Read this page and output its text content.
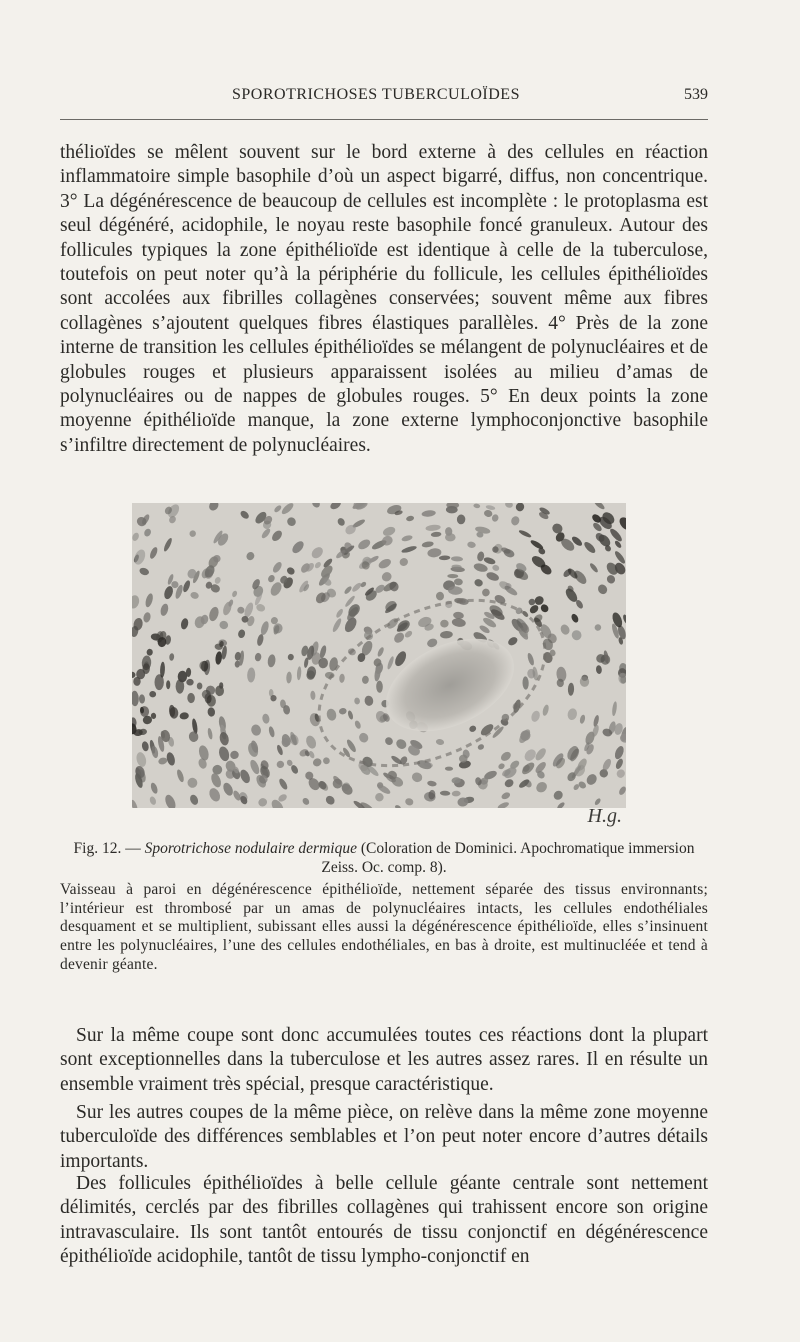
SPOROTRICHOSES TUBERCULOÏDES	539

thélioïdes se mêlent souvent sur le bord externe à des cellules en réaction inflammatoire simple basophile d’où un aspect bigarré, diffus, non concentrique. 3° La dégénérescence de beaucoup de cellules est incomplète : le protoplasma est seul dégénéré, acidophile, le noyau reste basophile foncé granuleux. Autour des follicules typiques la zone épithélioïde est identique à celle de la tuberculose, toutefois on peut noter qu’à la périphérie du follicule, les cellules épithélioïdes sont accolées aux fibrilles collagènes conservées; souvent même aux fibres collagènes s’ajoutent quelques fibres élastiques parallèles. 4° Près de la zone interne de transition les cellules épithélioïdes se mélangent de polynucléaires et de globules rouges et plusieurs apparaissent isolées au milieu d’amas de polynucléaires ou de nappes de globules rouges. 5° En deux points la zone moyenne épithélioïde manque, la zone externe lymphoconjonctive basophile s’infiltre directement de polynucléaires.

H.g.

Fig. 12. — Sporotrichose nodulaire dermique (Coloration de Dominici. Apochromatique immersion Zeiss. Oc. comp. 8).

Vaisseau à paroi en dégénérescence épithélioïde, nettement séparée des tissus environnants; l’intérieur est thrombosé par un amas de polynucléaires intacts, les cellules endothéliales desquament et se multiplient, subissant elles aussi la dégénérescence épithélioïde, elles s’insinuent entre les polynucléaires, l’une des cellules endothéliales, en bas à droite, est multinucléée et tend à devenir géante.

Sur la même coupe sont donc accumulées toutes ces réactions dont la plupart sont exceptionnelles dans la tuberculose et les autres assez rares. Il en résulte un ensemble vraiment très spécial, presque caractéristique.

Sur les autres coupes de la même pièce, on relève dans la même zone moyenne tuberculoïde des différences semblables et l’on peut noter encore d’autres détails importants.

Des follicules épithélioïdes à belle cellule géante centrale sont nettement délimités, cerclés par des fibrilles collagènes qui trahissent encore son origine intravasculaire. Ils sont tantôt entourés de tissu conjonctif en dégénérescence épithélioïde acidophile, tantôt de tissu lympho-conjonctif en
